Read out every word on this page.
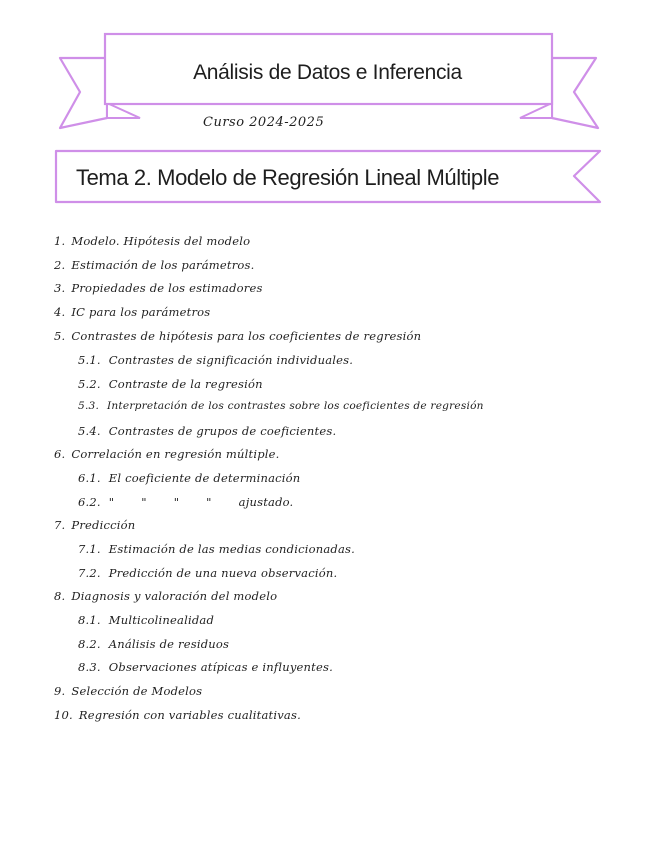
Análisis de Datos e Inferencia
Curso 2024-2025
Tema 2. Modelo de Regresión Lineal Múltiple
1. Modelo. Hipótesis del modelo
2. Estimación de los parámetros.
3. Propiedades de los estimadores
4. IC para los parámetros
5. Contrastes de hipótesis para los coeficientes de regresión
5.1. Contrastes de significación individuales.
5.2. Contraste de la regresión
5.3. Interpretación de los contrastes sobre los coeficientes de regresión
5.4. Contrastes de grupos de coeficientes.
6. Correlación en regresión múltiple.
6.1. El coeficiente de determinación
6.2. "       "       "       "       ajustado.
7. Predicción
7.1. Estimación de las medias condicionadas.
7.2. Predicción de una nueva observación.
8. Diagnosis y valoración del modelo
8.1. Multicolinealidad
8.2. Análisis de residuos
8.3. Observaciones atípicas e influyentes.
9. Selección de Modelos
10. Regresión con variables cualitativas.
